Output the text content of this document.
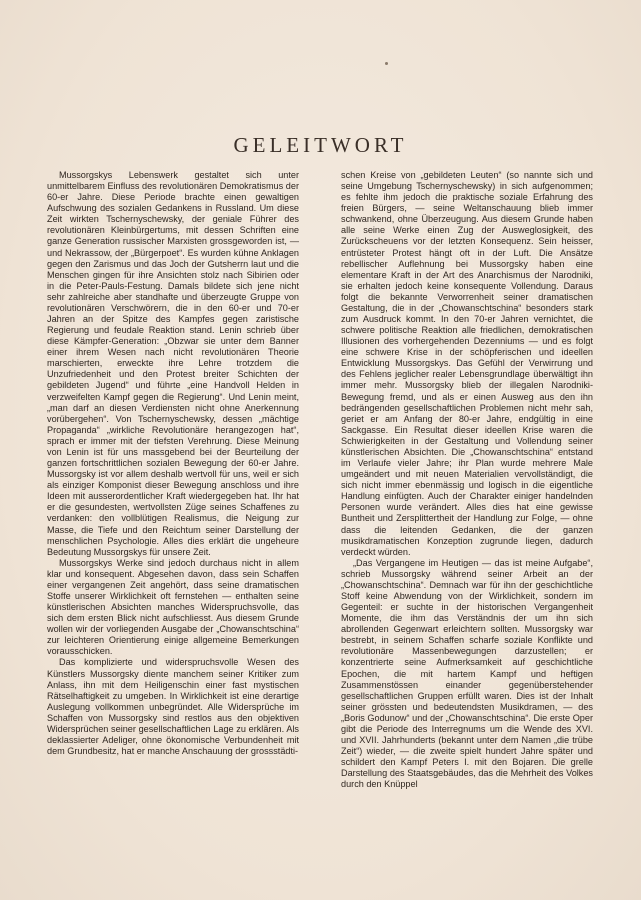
GELEITWORT

Mussorgskys Lebenswerk gestaltet sich unter unmittelbarem Einfluss des revolutionären Demokratismus der 60-er Jahre. Diese Periode brachte einen gewaltigen Aufschwung des sozialen Gedankens in Russland. Um diese Zeit wirkten Tschernyschewsky, der geniale Führer des revolutionären Kleinbürgertums, mit dessen Schriften eine ganze Generation russischer Marxisten grossgeworden ist, — und Nekrassow, der „Bürgerpoet“. Es wurden kühne Anklagen gegen den Zarismus und das Joch der Gutsherrn laut und die Menschen gingen für ihre Ansichten stolz nach Sibirien oder in die Peter-Pauls-Festung. Damals bildete sich jene nicht sehr zahlreiche aber standhafte und überzeugte Gruppe von revolutionären Verschwörern, die in den 60-er und 70-er Jahren an der Spitze des Kampfes gegen zaristische Regierung und feudale Reaktion stand. Lenin schrieb über diese Kämpfer-Generation: „Obzwar sie unter dem Banner einer ihrem Wesen nach nicht revolutionären Theorie marschierten, erweckte ihre Lehre trotzdem die Unzufriedenheit und den Protest breiter Schichten der gebildeten Jugend“ und führte „eine Handvoll Helden in verzweifelten Kampf gegen die Regierung“. Und Lenin meint, „man darf an diesen Verdiensten nicht ohne Anerkennung vorübergehen“. Von Tschernyschewsky, dessen „mächtige Propaganda“ „wirkliche Revolutionäre herangezogen hat“, sprach er immer mit der tiefsten Verehrung. Diese Meinung von Lenin ist für uns massgebend bei der Beurteilung der ganzen fortschrittlichen sozialen Bewegung der 60-er Jahre. Mussorgsky ist vor allem deshalb wertvoll für uns, weil er sich als einziger Komponist dieser Bewegung anschloss und ihre Ideen mit ausserordentlicher Kraft wiedergegeben hat. Ihr hat er die gesundesten, wertvollsten Züge seines Schaffenes zu verdanken: den vollblütigen Realismus, die Neigung zur Masse, die Tiefe und den Reichtum seiner Darstellung der menschlichen Psychologie. Alles dies erklärt die ungeheure Bedeutung Mussorgskys für unsere Zeit.

Mussorgskys Werke sind jedoch durchaus nicht in allem klar und konsequent. Abgesehen davon, dass sein Schaffen einer vergangenen Zeit angehört, dass seine dramatischen Stoffe unserer Wirklichkeit oft fernstehen — enthalten seine künstlerischen Absichten manches Widerspruchsvolle, das sich dem ersten Blick nicht aufschliesst. Aus diesem Grunde wollen wir der vorliegenden Ausgabe der „Chowanschtschina“ zur leichteren Orientierung einige allgemeine Bemerkungen vorausschicken.

Das komplizierte und widerspruchsvolle Wesen des Künstlers Mussorgsky diente manchem seiner Kritiker zum Anlass, ihn mit dem Heiligenschin einer fast mystischen Rätselhaftigkeit zu umgeben. In Wirklichkeit ist eine derartige Auslegung vollkommen unbegründet. Alle Widersprüche im Schaffen von Mussorgsky sind restlos aus den objektiven Widersprüchen seiner gesellschaftlichen Lage zu erklären. Als deklassierter Adeliger, ohne ökonomische Verbundenheit mit dem Grundbesitz, hat er manche Anschauung der grossstädti-

schen Kreise von „gebildeten Leuten“ (so nannte sich und seine Umgebung Tschernyschewsky) in sich aufgenommen; es fehlte ihm jedoch die praktische soziale Erfahrung des freien Bürgers, — seine Weltanschauung blieb immer schwankend, ohne Überzeugung. Aus diesem Grunde haben alle seine Werke einen Zug der Ausweglosigkeit, des Zurückscheuens vor der letzten Konsequenz. Sein heisser, entrüsteter Protest hängt oft in der Luft. Die Ansätze rebellischer Auflehnung bei Mussorgsky haben eine elementare Kraft in der Art des Anarchismus der Narodniki, sie erhalten jedoch keine konsequente Vollendung. Daraus folgt die bekannte Verworrenheit seiner dramatischen Gestaltung, die in der „Chowanschtschina“ besonders stark zum Ausdruck kommt. In den 70-er Jahren vernichtet, die schwere politische Reaktion alle friedlichen, demokratischen Illusionen des vorhergehenden Dezenniums — und es folgt eine schwere Krise in der schöpferischen und ideellen Entwicklung Mussorgskys. Das Gefühl der Verwirrung und des Fehlens jeglicher realer Lebensgrundlage überwältigt ihn immer mehr. Mussorgsky blieb der illegalen Narodniki-Bewegung fremd, und als er einen Ausweg aus den ihn bedrängenden gesellschaftlichen Problemen nicht mehr sah, geriet er am Anfang der 80-er Jahre, endgültig in eine Sackgasse. Ein Resultat dieser ideellen Krise waren die Schwierigkeiten in der Gestaltung und Vollendung seiner künstlerischen Absichten. Die „Chowanschtschina“ entstand im Verlaufe vieler Jahre; ihr Plan wurde mehrere Male umgeändert und mit neuen Materialien vervollständigt, die sich nicht immer ebenmässig und logisch in die eigentliche Handlung einfügten. Auch der Charakter einiger handelnden Personen wurde verändert. Alles dies hat eine gewisse Buntheit und Zersplittertheit der Handlung zur Folge, — ohne dass die leitenden Gedanken, die der ganzen musikdramatischen Konzeption zugrunde liegen, dadurch verdeckt würden.

„Das Vergangene im Heutigen — das ist meine Aufgabe“, schrieb Mussorgsky während seiner Arbeit an der „Chowanschtschina“. Demnach war für ihn der geschichtliche Stoff keine Abwendung von der Wirklichkeit, sondern im Gegenteil: er suchte in der historischen Vergangenheit Momente, die ihm das Verständnis der um ihn sich abrollenden Gegenwart erleichtern sollten. Mussorgsky war bestrebt, in seinem Schaffen scharfe soziale Konflikte und revolutionäre Massenbewegungen darzustellen; er konzentrierte seine Aufmerksamkeit auf geschichtliche Epochen, die mit hartem Kampf und heftigen Zusammenstössen einander gegenüberstehender gesellschaftlichen Gruppen erfüllt waren. Dies ist der Inhalt seiner grössten und bedeutendsten Musikdramen, — des „Boris Godunow“ und der „Chowanschtschina“. Die erste Oper gibt die Periode des Interregnums um die Wende des XVI. und XVII. Jahrhunderts (bekannt unter dem Namen „die trübe Zeit“) wieder, — die zweite spielt hundert Jahre später und schildert den Kampf Peters I. mit den Bojaren. Die grelle Darstellung des Staatsgebäudes, das die Mehrheit des Volkes durch den Knüppel
